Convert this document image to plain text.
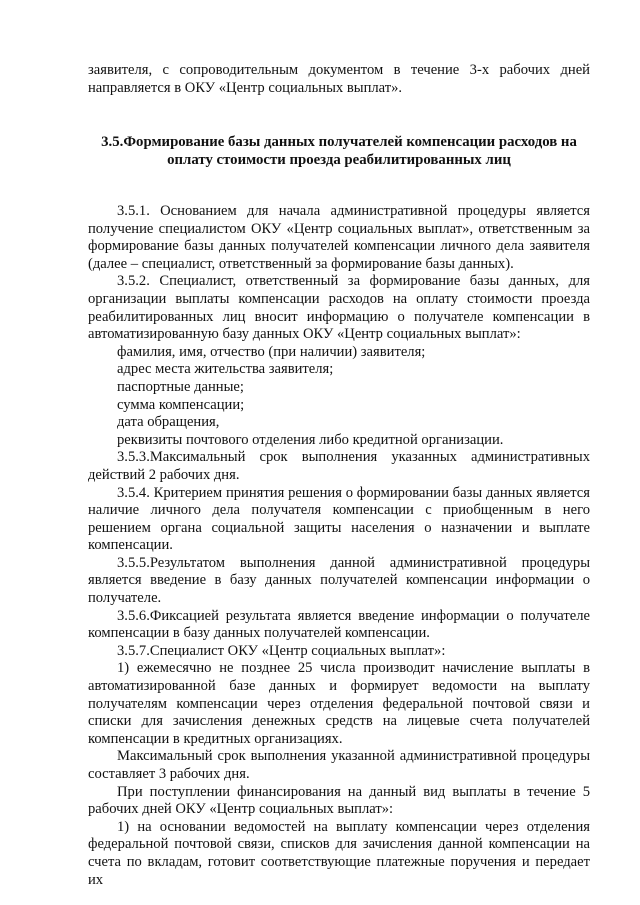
заявителя, с сопроводительным документом в течение 3-х рабочих дней направляется в ОКУ «Центр социальных выплат».

3.5.Формирование базы данных получателей компенсации расходов на оплату стоимости проезда реабилитированных лиц

3.5.1. Основанием для начала административной процедуры является получение специалистом ОКУ «Центр социальных выплат», ответственным за формирование базы данных получателей компенсации личного дела заявителя (далее – специалист, ответственный за формирование базы данных).

3.5.2. Специалист, ответственный за формирование базы данных, для организации выплаты компенсации расходов на оплату стоимости проезда реабилитированных лиц вносит информацию о получателе компенсации в автоматизированную базу данных ОКУ «Центр социальных выплат»:

фамилия, имя, отчество (при наличии) заявителя;

адрес места жительства заявителя;

паспортные данные;

сумма компенсации;

дата обращения,

реквизиты почтового отделения либо кредитной организации.

3.5.3.Максимальный срок выполнения указанных административных действий 2 рабочих дня.

3.5.4. Критерием принятия решения о формировании базы данных является наличие личного дела получателя компенсации с приобщенным в него решением органа социальной защиты населения о назначении и выплате компенсации.

3.5.5.Результатом выполнения данной административной процедуры является введение в базу данных получателей компенсации информации о получателе.

3.5.6.Фиксацией результата является введение информации о получателе компенсации в базу данных получателей компенсации.

3.5.7.Специалист ОКУ «Центр социальных выплат»:

1) ежемесячно не позднее 25 числа производит начисление выплаты в автоматизированной базе данных и формирует ведомости на выплату получателям компенсации через отделения федеральной почтовой связи и списки для зачисления денежных средств на лицевые счета получателей компенсации в кредитных организациях.

Максимальный срок выполнения указанной административной процедуры составляет 3 рабочих дня.

При поступлении финансирования на данный вид выплаты в течение 5 рабочих дней ОКУ «Центр социальных выплат»:

1) на основании ведомостей на выплату компенсации через отделения федеральной почтовой связи, списков для зачисления данной компенсации на счета по вкладам, готовит соответствующие платежные поручения и передает их
